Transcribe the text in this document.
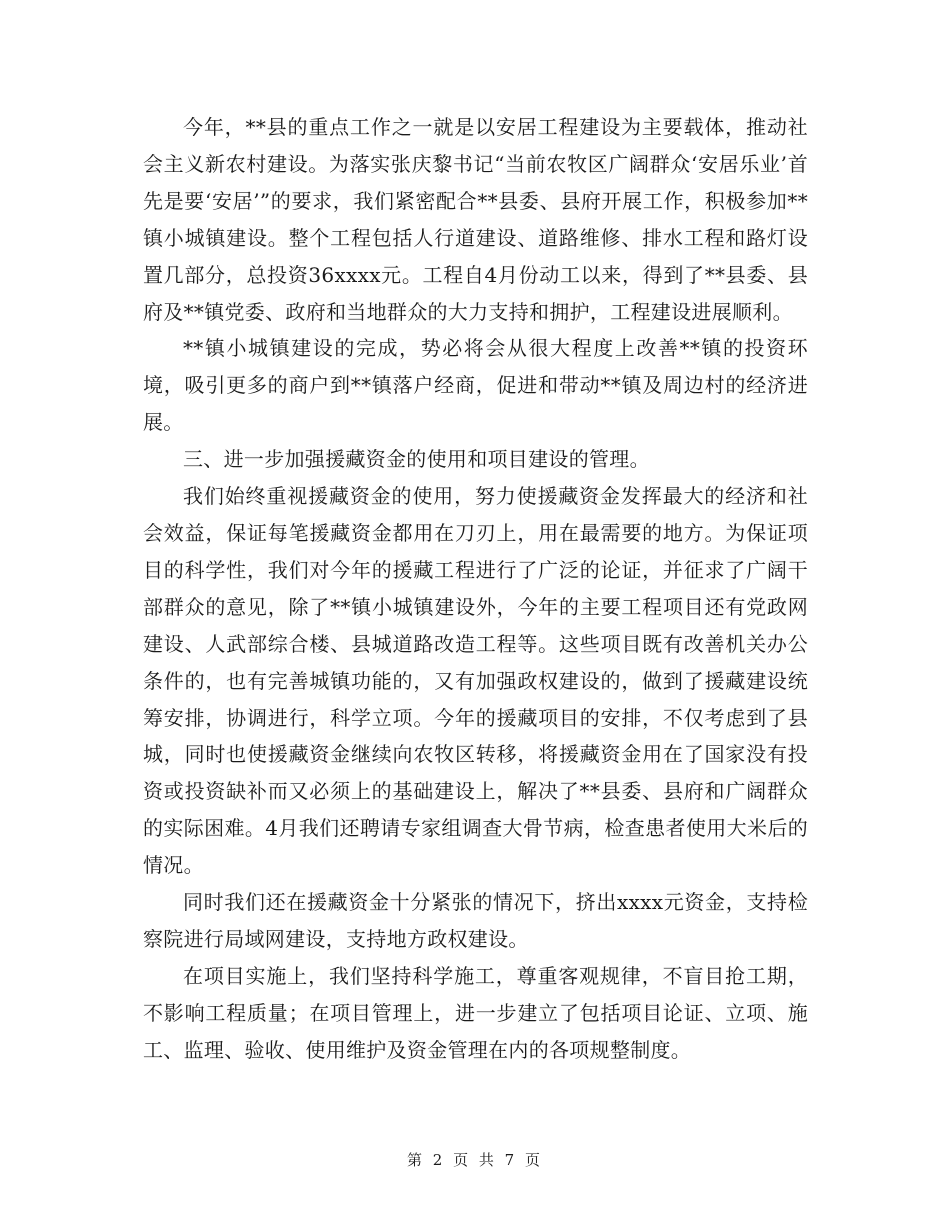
今年，**县的重点工作之一就是以安居工程建设为主要载体，推动社会主义新农村建设。为落实张庆黎书记“当前农牧区广阔群众‘安居乐业’首先是要‘安居’”的要求，我们紧密配合**县委、县府开展工作，积极参加**镇小城镇建设。整个工程包括人行道建设、道路维修、排水工程和路灯设置几部分，总投资36xxxx元。工程自4月份动工以来，得到了**县委、县府及**镇党委、政府和当地群众的大力支持和拥护，工程建设进展顺利。

**镇小城镇建设的完成，势必将会从很大程度上改善**镇的投资环境，吸引更多的商户到**镇落户经商，促进和带动**镇及周边村的经济进展。

三、进一步加强援藏资金的使用和项目建设的管理。

我们始终重视援藏资金的使用，努力使援藏资金发挥最大的经济和社会效益，保证每笔援藏资金都用在刀刃上，用在最需要的地方。为保证项目的科学性，我们对今年的援藏工程进行了广泛的论证，并征求了广阔干部群众的意见，除了**镇小城镇建设外，今年的主要工程项目还有党政网建设、人武部综合楼、县城道路改造工程等。这些项目既有改善机关办公条件的，也有完善城镇功能的，又有加强政权建设的，做到了援藏建设统筹安排，协调进行，科学立项。今年的援藏项目的安排，不仅考虑到了县城，同时也使援藏资金继续向农牧区转移，将援藏资金用在了国家没有投资或投资缺补而又必须上的基础建设上，解决了**县委、县府和广阔群众的实际困难。4月我们还聘请专家组调查大骨节病，检查患者使用大米后的情况。

同时我们还在援藏资金十分紧张的情况下，挤出xxxx元资金，支持检察院进行局域网建设，支持地方政权建设。

在项目实施上，我们坚持科学施工，尊重客观规律，不盲目抢工期，不影响工程质量；在项目管理上，进一步建立了包括项目论证、立项、施工、监理、验收、使用维护及资金管理在内的各项规整制度。

第 2 页 共 7 页
